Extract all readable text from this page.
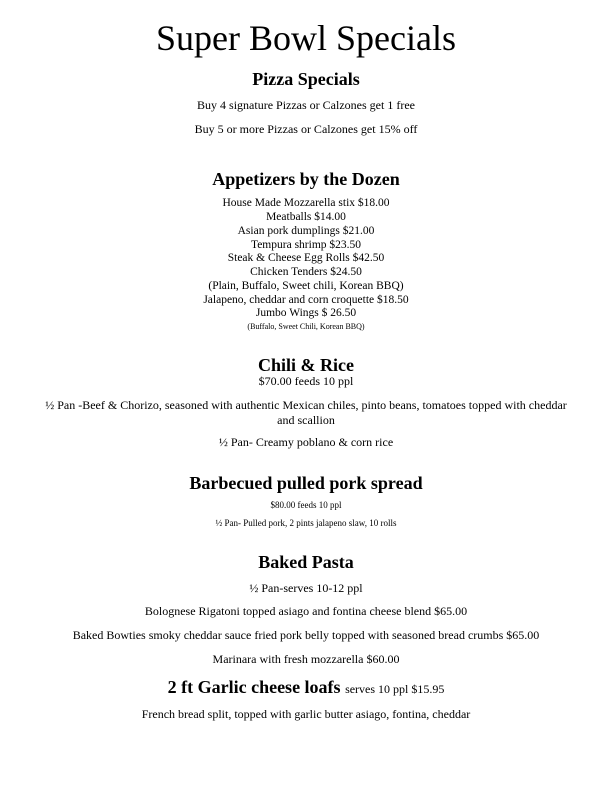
Super Bowl Specials
Pizza Specials
Buy 4 signature Pizzas or Calzones get 1 free
Buy 5 or more Pizzas or Calzones get 15% off
Appetizers by the Dozen
House Made Mozzarella stix $18.00
Meatballs $14.00
Asian pork dumplings $21.00
Tempura shrimp $23.50
Steak & Cheese Egg Rolls $42.50
Chicken Tenders $24.50
(Plain, Buffalo, Sweet chili, Korean BBQ)
Jalapeno, cheddar and corn croquette $18.50
Jumbo Wings $ 26.50
(Buffalo, Sweet Chili, Korean BBQ)
Chili & Rice
$70.00 feeds 10 ppl
½ Pan -Beef & Chorizo, seasoned with authentic Mexican chiles, pinto beans, tomatoes topped with cheddar and scallion
½ Pan- Creamy poblano & corn rice
Barbecued pulled pork spread
$80.00 feeds 10 ppl
½ Pan- Pulled pork, 2 pints jalapeno slaw, 10 rolls
Baked Pasta
½ Pan-serves 10-12 ppl
Bolognese Rigatoni topped asiago and fontina cheese blend $65.00
Baked Bowties smoky cheddar sauce fried pork belly topped with seasoned bread crumbs $65.00
Marinara with fresh mozzarella $60.00
2 ft Garlic cheese loafs serves 10 ppl $15.95
French bread split, topped with garlic butter asiago, fontina, cheddar
